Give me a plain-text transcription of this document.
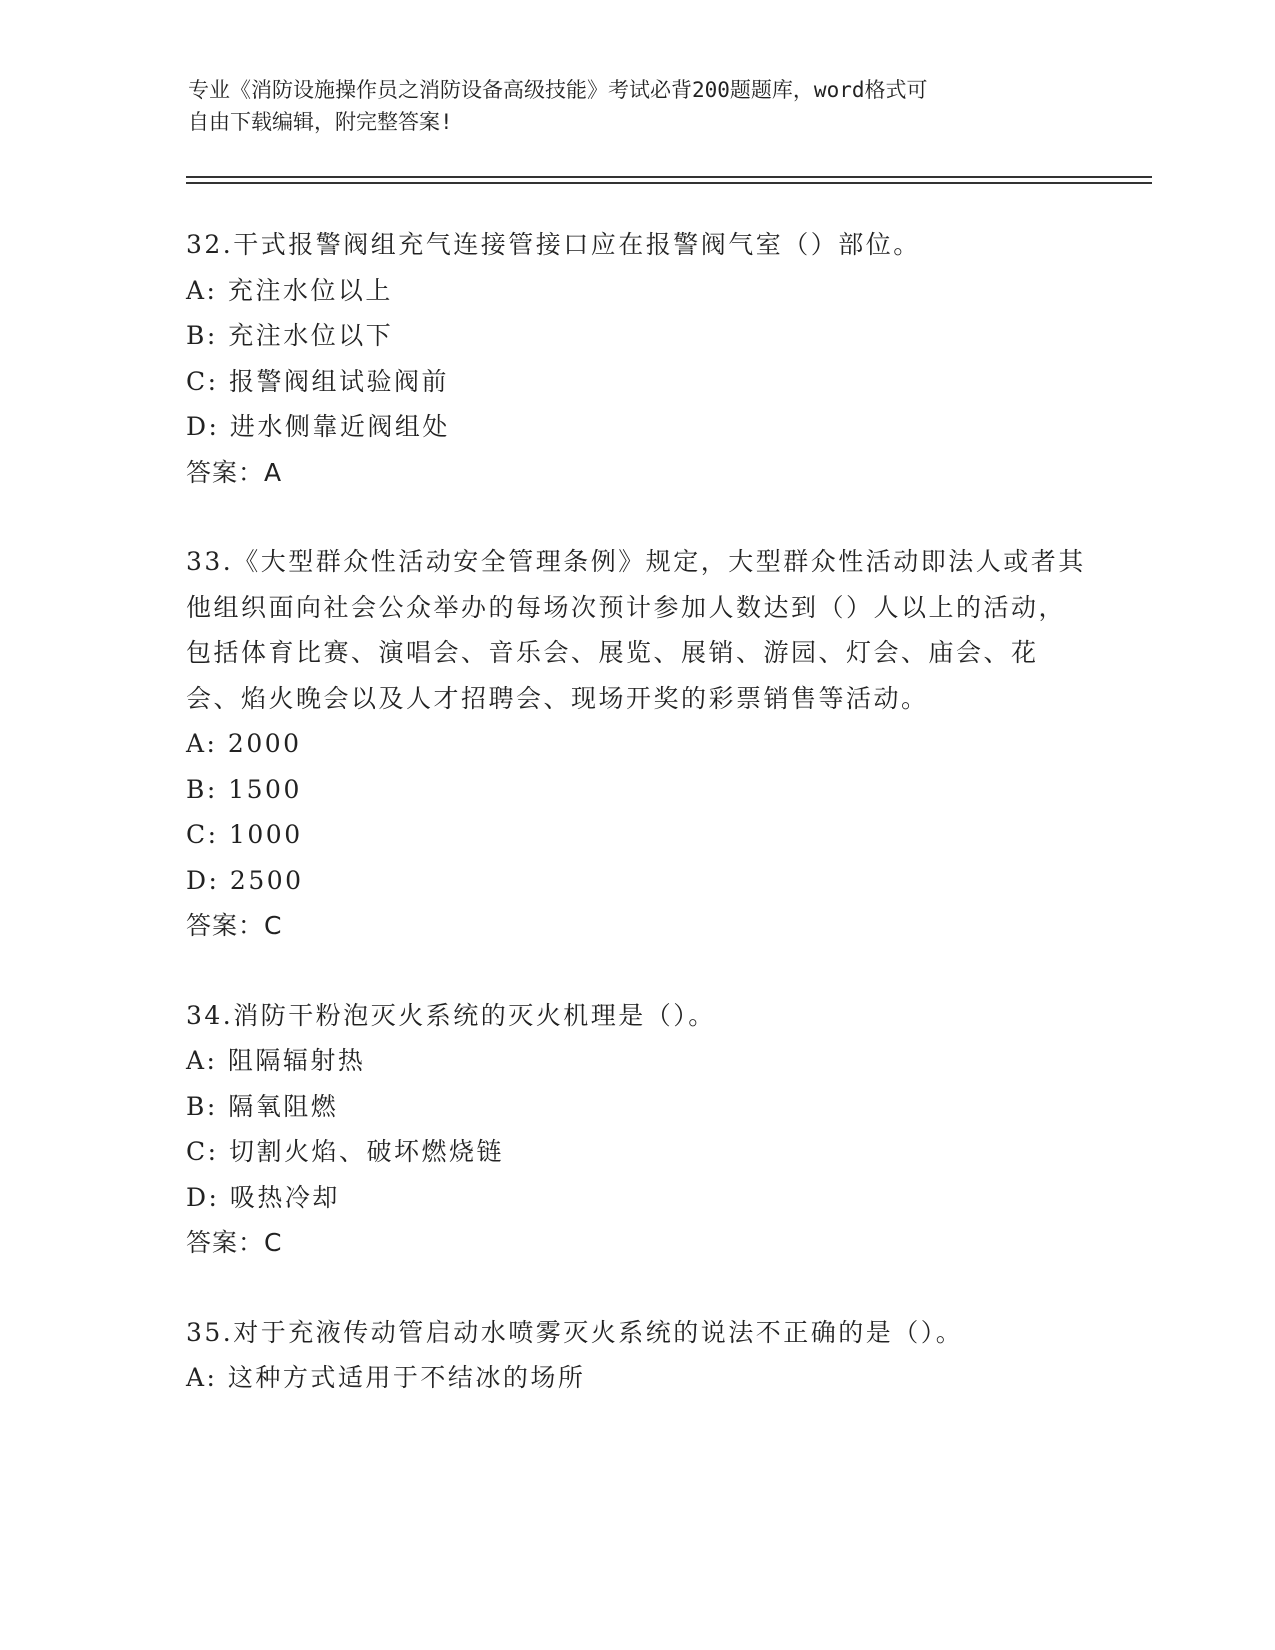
专业《消防设施操作员之消防设备高级技能》考试必背200题题库，word格式可
自由下载编辑，附完整答案!

32.干式报警阀组充气连接管接口应在报警阀气室（）部位。

A: 充注水位以上

B: 充注水位以下

C: 报警阀组试验阀前

D: 进水侧靠近阀组处

答案：A

33.《大型群众性活动安全管理条例》规定，大型群众性活动即法人或者其他组织面向社会公众举办的每场次预计参加人数达到（）人以上的活动，包括体育比赛、演唱会、音乐会、展览、展销、游园、灯会、庙会、花会、焰火晚会以及人才招聘会、现场开奖的彩票销售等活动。

A: 2000

B: 1500

C: 1000

D: 2500

答案：C

34.消防干粉泡灭火系统的灭火机理是（）。

A: 阻隔辐射热

B: 隔氧阻燃

C: 切割火焰、破坏燃烧链

D: 吸热冷却

答案：C

35.对于充液传动管启动水喷雾灭火系统的说法不正确的是（）。

A: 这种方式适用于不结冰的场所
